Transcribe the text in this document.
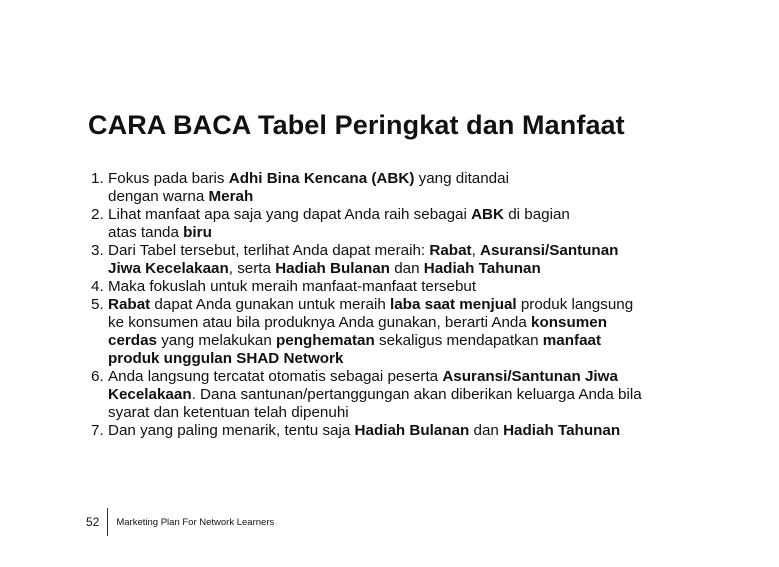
CARA BACA Tabel Peringkat dan Manfaat
1. Fokus pada baris Adhi Bina Kencana (ABK) yang ditandai
dengan warna Merah
2. Lihat manfaat apa saja yang dapat Anda raih sebagai ABK di bagian
atas tanda biru
3. Dari Tabel tersebut, terlihat Anda dapat meraih: Rabat, Asuransi/Santunan
Jiwa Kecelakaan, serta Hadiah Bulanan dan Hadiah Tahunan
4. Maka fokuslah untuk meraih manfaat-manfaat tersebut
5. Rabat dapat Anda gunakan untuk meraih laba saat menjual produk langsung
ke konsumen atau bila produknya Anda gunakan, berarti Anda konsumen
cerdas yang melakukan penghematan sekaligus mendapatkan manfaat
produk unggulan SHAD Network
6. Anda langsung tercatat otomatis sebagai peserta Asuransi/Santunan Jiwa
Kecelakaan. Dana santunan/pertanggungan akan diberikan keluarga Anda bila
syarat dan ketentuan telah dipenuhi
7. Dan yang paling menarik, tentu saja Hadiah Bulanan dan Hadiah Tahunan
52	Marketing Plan For Network Learners
